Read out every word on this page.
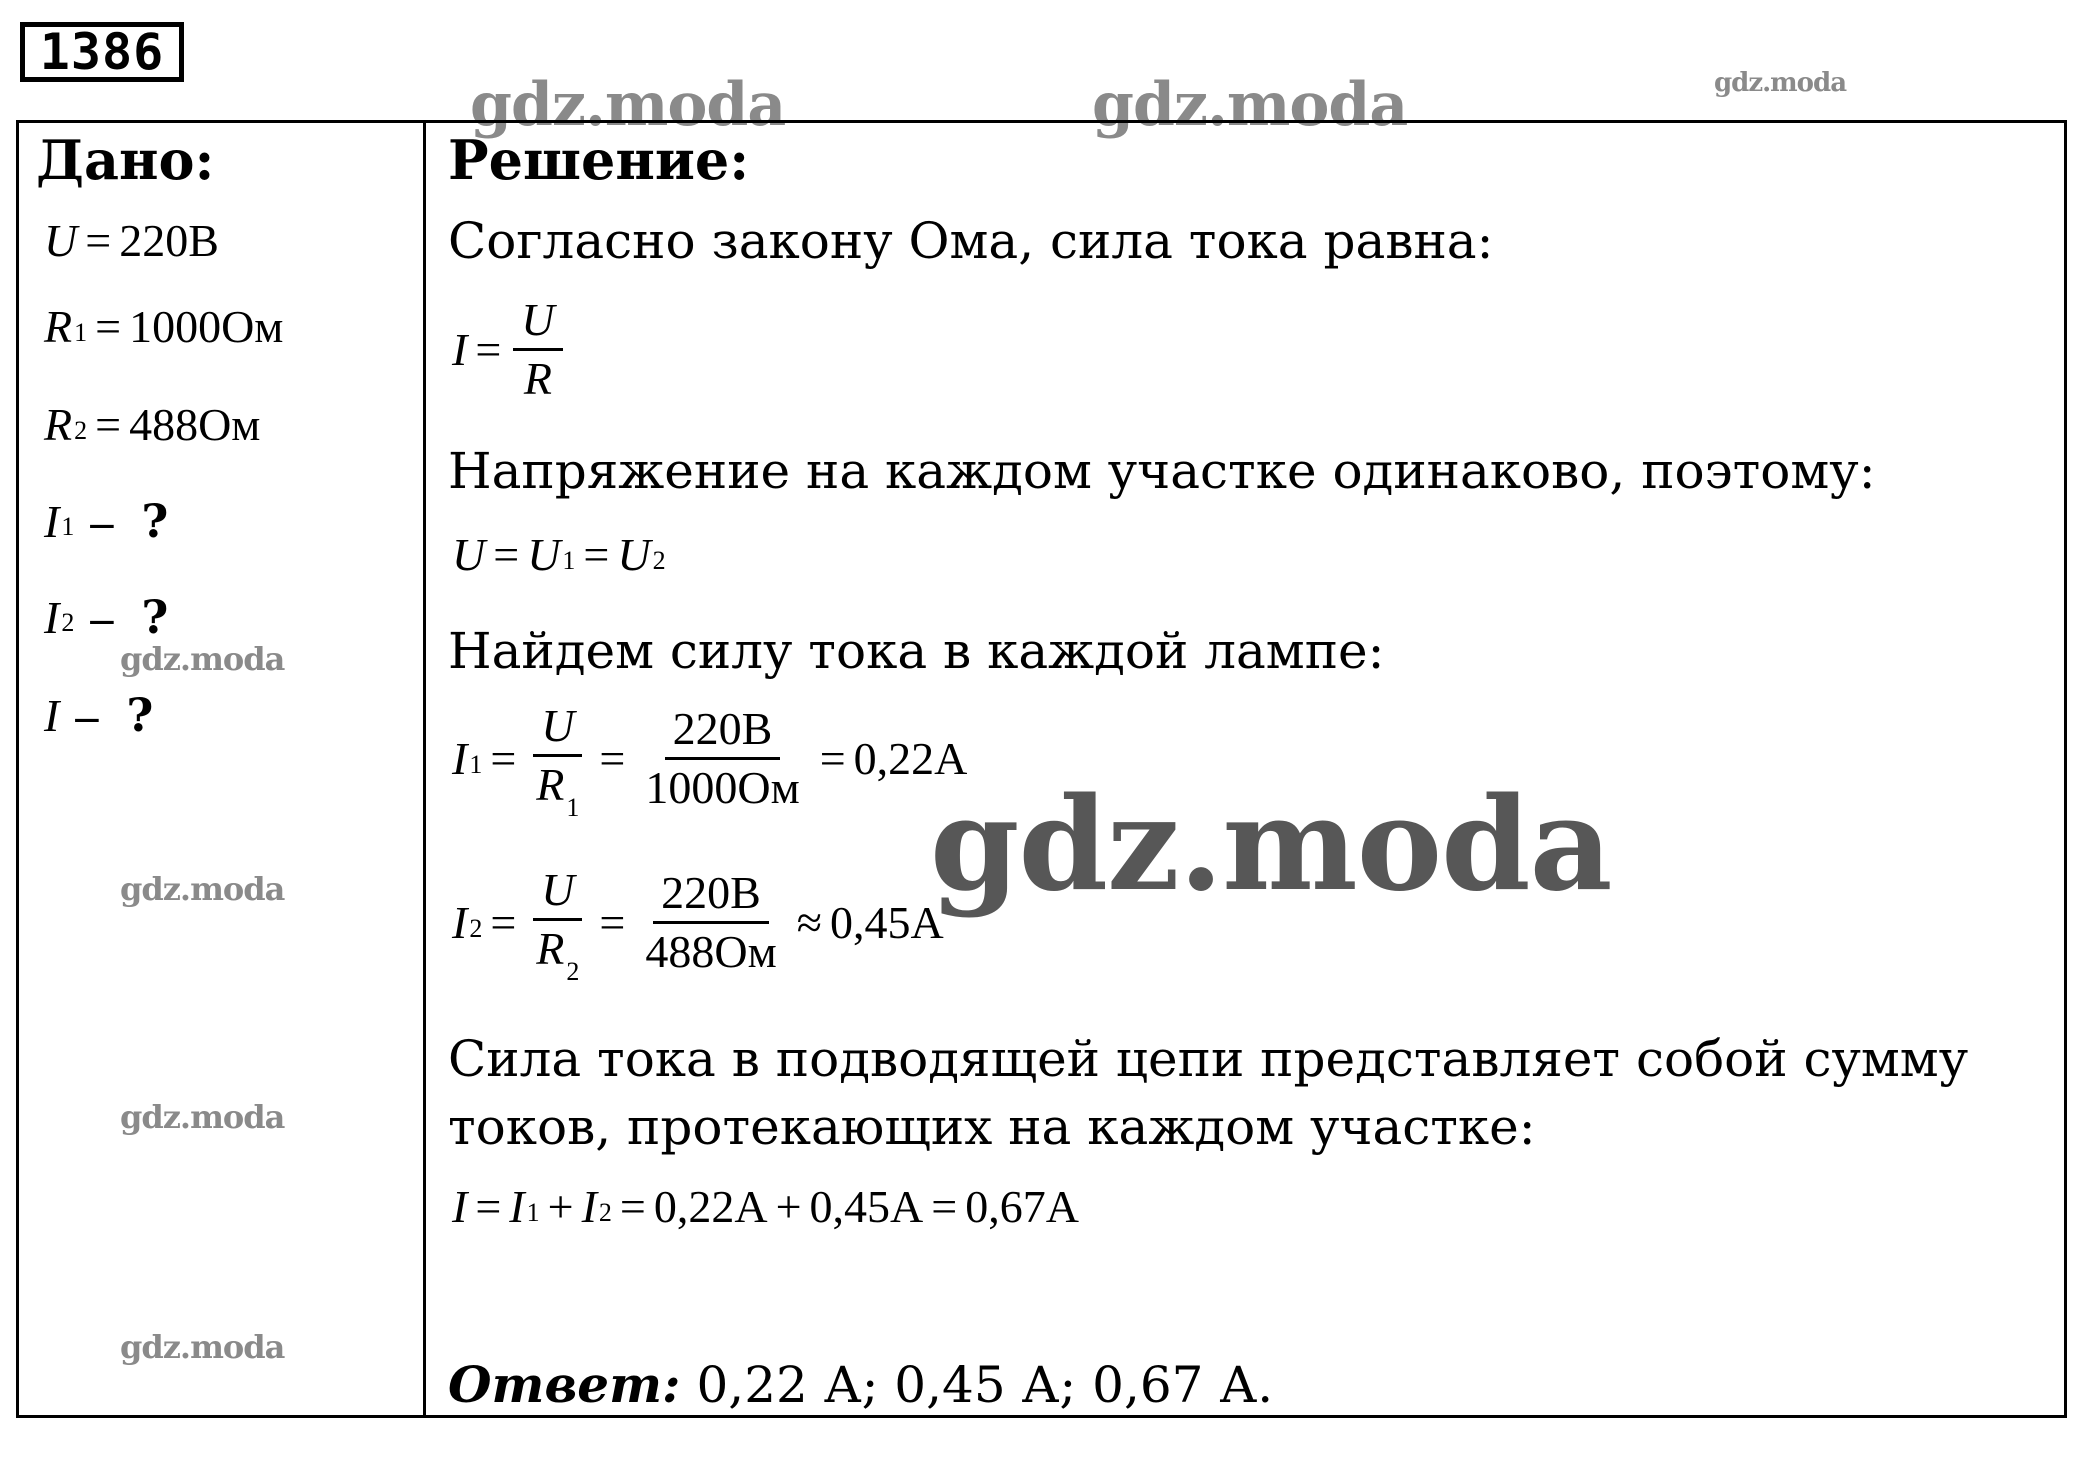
1386
gdz.moda	gdz.moda	gdz.moda
gdz.moda
gdz.moda
gdz.moda
gdz.moda
Дано:
U = 220B
$R_1 = 1000Ом$
$R_2 = 488Ом$
$I_1$ – ?
$I_2$ – ?
I – ?
Решение:
Согласно закону Ома, сила тока равна:
$I = \frac{U}{R}$
Напряжение на каждом участке одинаково, поэтому:
$U = U_1 = U_2$
Найдем силу тока в каждой лампе:
$I_1 = \frac{U}{R_1} = \frac{220B}{1000Ом} = 0,22A$
$I_2 = \frac{U}{R_2} = \frac{220B}{488Ом} \approx 0,45A$
Сила тока в подводящей цепи представляет собой сумму
токов, протекающих на каждом участке:
$I = I_1 + I_2 = 0,22A + 0,45A = 0,67A$
Ответ: 0,22 А; 0,45 А; 0,67 А.
gdz.moda
